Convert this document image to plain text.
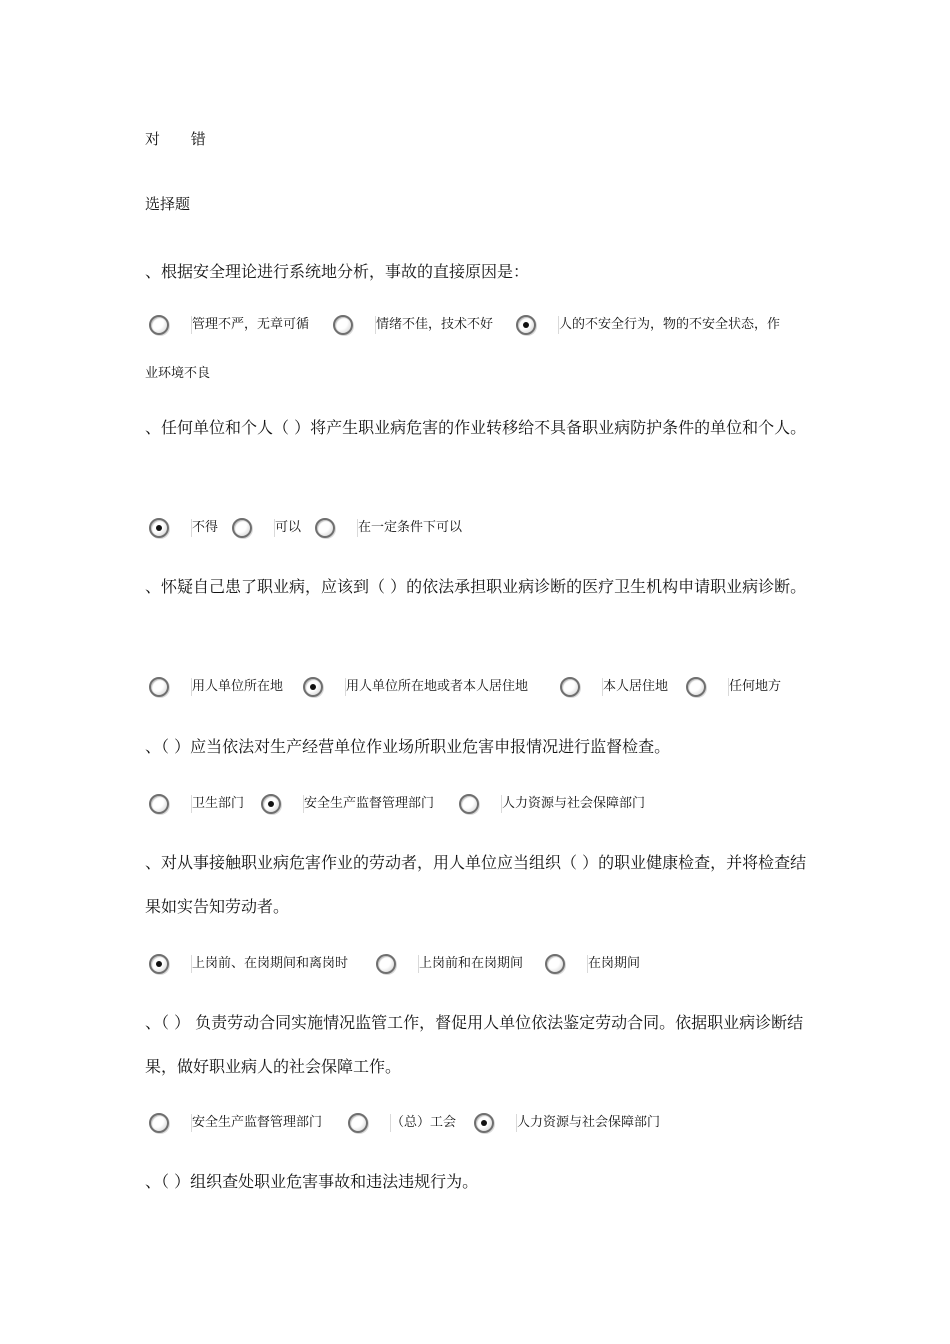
对 错
选择题
、根据安全理论进行系统地分析，事故的直接原因是：
管理不严，无章可循	情绪不佳，技术不好	人的不安全行为，物的不安全状态，作
业环境不良
、任何单位和个人（ ）将产生职业病危害的作业转移给不具备职业病防护条件的单位和个人。
不得	可以	在一定条件下可以
、怀疑自己患了职业病，应该到（ ）的依法承担职业病诊断的医疗卫生机构申请职业病诊断。
用人单位所在地	用人单位所在地或者本人居住地	本人居住地	任何地方
、（ ）应当依法对生产经营单位作业场所职业危害申报情况进行监督检查。
卫生部门	安全生产监督管理部门	人力资源与社会保障部门
、对从事接触职业病危害作业的劳动者，用人单位应当组织（ ）的职业健康检查，并将检查结果如实告知劳动者。
上岗前、在岗期间和离岗时	上岗前和在岗期间	在岗期间
、（ ） 负责劳动合同实施情况监管工作，督促用人单位依法鉴定劳动合同。依据职业病诊断结果，做好职业病人的社会保障工作。
安全生产监督管理部门	（总）工会	人力资源与社会保障部门
、（ ）组织查处职业危害事故和违法违规行为。
